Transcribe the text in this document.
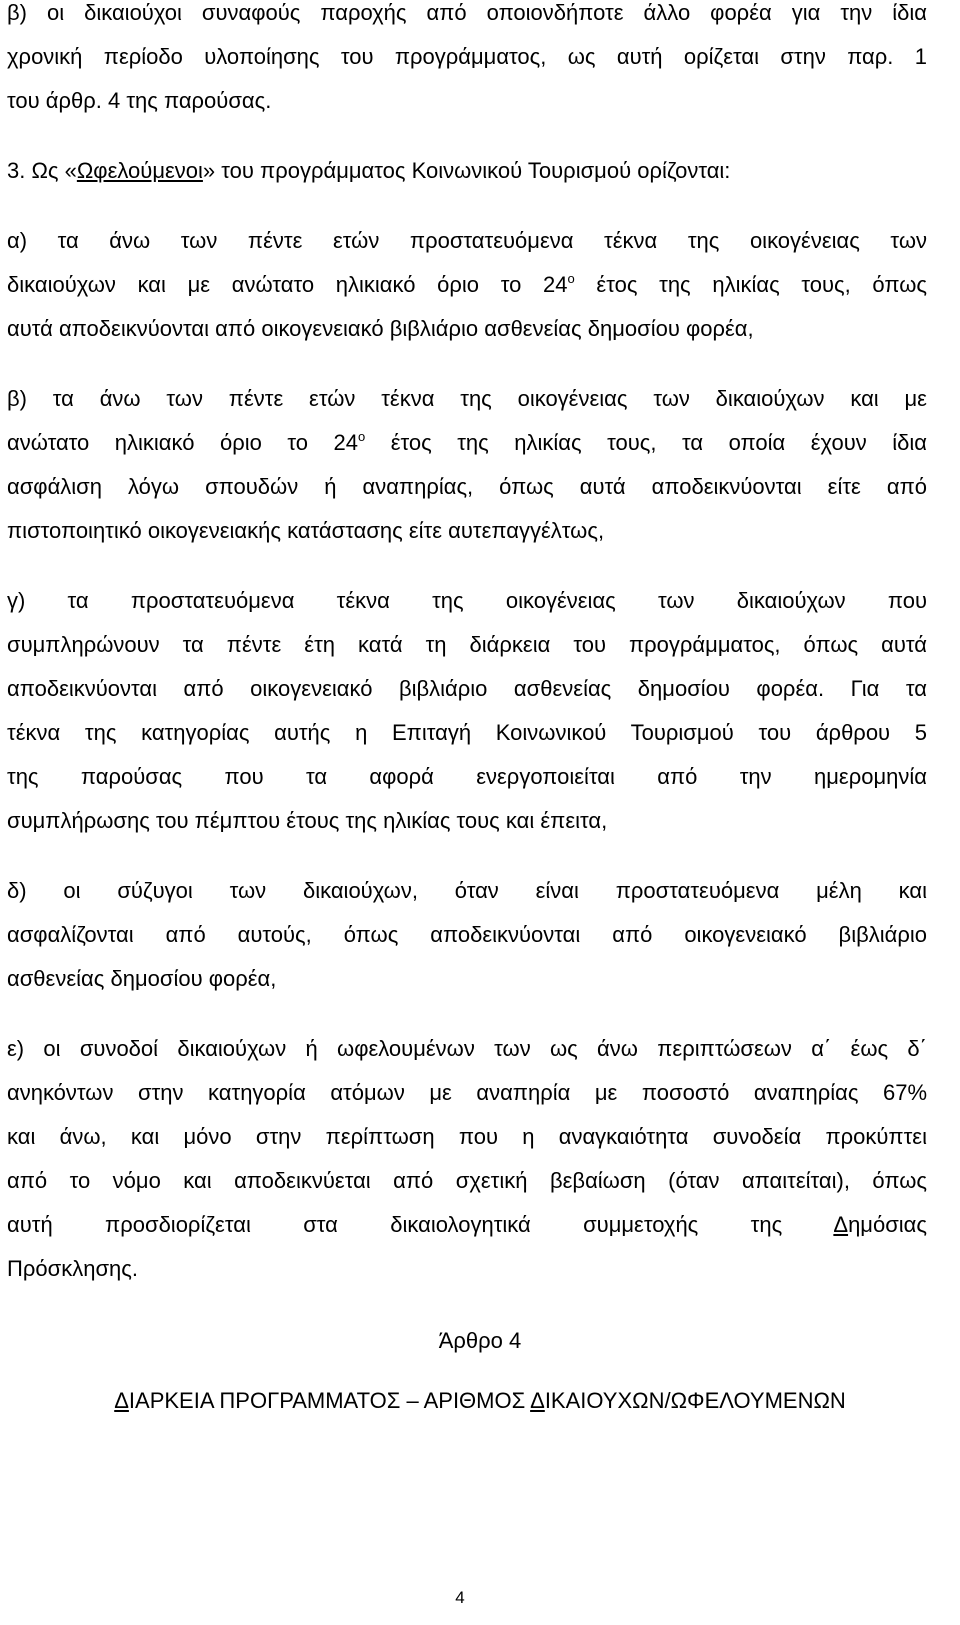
β) οι δικαιούχοι συναφούς παροχής από οποιονδήποτε άλλο φορέα για την ίδια

χρονική περίοδο υλοποίησης του προγράμματος, ως αυτή ορίζεται στην παρ. 1

του άρθρ. 4 της παρούσας.

3. Ως «Ωφελούμενοι» του προγράμματος Κοινωνικού Τουρισμού ορίζονται:

α) τα άνω των πέντε ετών προστατευόμενα τέκνα της οικογένειας των

δικαιούχων και με ανώτατο ηλικιακό όριο το $24^o$ έτος της ηλικίας τους, όπως

αυτά αποδεικνύονται από οικογενειακό βιβλιάριο ασθενείας δημοσίου φορέα,

β) τα άνω των πέντε ετών τέκνα της οικογένειας των δικαιούχων και με

ανώτατο ηλικιακό όριο το $24^o$ έτος της ηλικίας τους, τα οποία έχουν ίδια

ασφάλιση λόγω σπουδών ή αναπηρίας, όπως αυτά αποδεικνύονται είτε από

πιστοποιητικό οικογενειακής κατάστασης είτε αυτεπαγγέλτως,

γ) τα προστατευόμενα τέκνα της οικογένειας των δικαιούχων που

συμπληρώνουν τα πέντε έτη κατά τη διάρκεια του προγράμματος, όπως αυτά

αποδεικνύονται από οικογενειακό βιβλιάριο ασθενείας δημοσίου φορέα. Για τα

τέκνα της κατηγορίας αυτής η Επιταγή Κοινωνικού Τουρισμού του άρθρου 5

της παρούσας που τα αφορά ενεργοποιείται από την ημερομηνία

συμπλήρωσης του πέμπτου έτους της ηλικίας τους και έπειτα,

δ) οι σύζυγοι των δικαιούχων, όταν είναι προστατευόμενα μέλη και

ασφαλίζονται από αυτούς, όπως αποδεικνύονται από οικογενειακό βιβλιάριο

ασθενείας δημοσίου φορέα,

ε) οι συνοδοί δικαιούχων ή ωφελουμένων των ως άνω περιπτώσεων α΄ έως δ΄

ανηκόντων στην κατηγορία ατόμων με αναπηρία με ποσοστό αναπηρίας 67%

και άνω, και μόνο στην περίπτωση που η αναγκαιότητα συνοδεία προκύπτει

από το νόμο και αποδεικνύεται από σχετική βεβαίωση (όταν απαιτείται), όπως

αυτή προσδιορίζεται στα δικαιολογητικά συμμετοχής της Δημόσιας

Πρόσκλησης.

Άρθρο 4

ΔΙΑΡΚΕΙΑ ΠΡΟΓΡΑΜΜΑΤΟΣ – ΑΡΙΘΜΟΣ ΔΙΚΑΙΟΥΧΩΝ/ΩΦΕΛΟΥΜΕΝΩΝ

4
